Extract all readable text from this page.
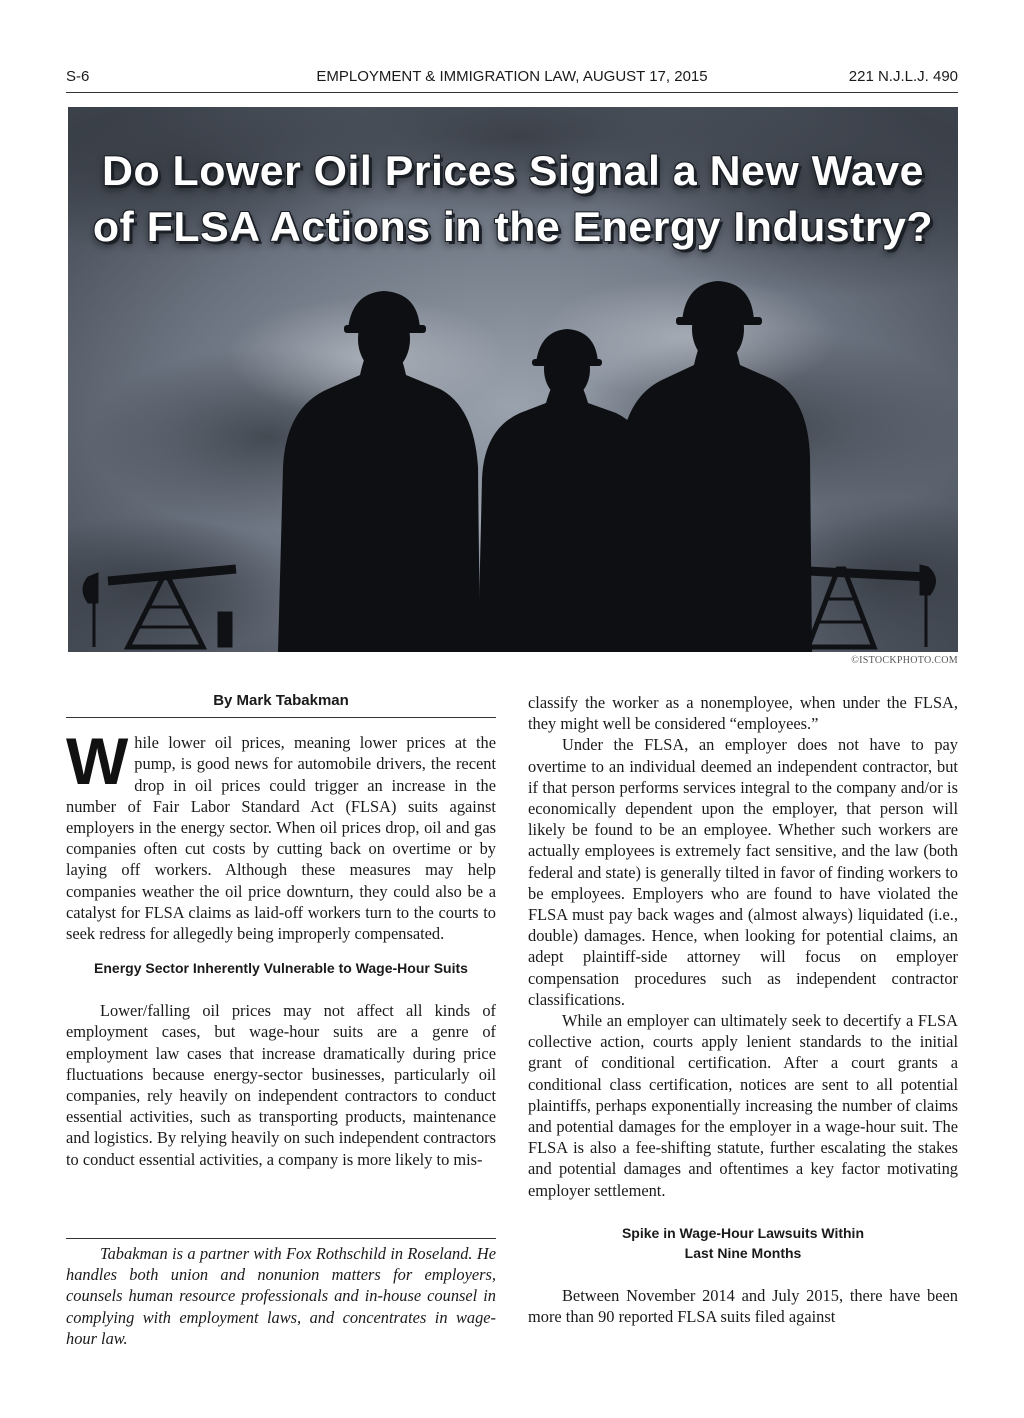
S-6	EMPLOYMENT & IMMIGRATION LAW, AUGUST 17, 2015	221 N.J.L.J. 490
Do Lower Oil Prices Signal a New Wave
of FLSA Actions in the Energy Industry?
©ISTOCKPHOTO.COM
By Mark Tabakman

While lower oil prices, meaning lower prices at the pump, is good news for automobile drivers, the recent drop in oil prices could trigger an increase in the number of Fair Labor Standard Act (FLSA) suits against employers in the energy sector. When oil prices drop, oil and gas companies often cut costs by cutting back on overtime or by laying off workers. Although these measures may help companies weather the oil price downturn, they could also be a catalyst for FLSA claims as laid-off workers turn to the courts to seek redress for allegedly being improperly compensated.

Energy Sector Inherently Vulnerable to Wage-Hour Suits

Lower/falling oil prices may not affect all kinds of employment cases, but wage-hour suits are a genre of employment law cases that increase dramatically during price fluctuations because energy-sector businesses, particularly oil companies, rely heavily on independent contractors to conduct essential activities, such as transporting products, maintenance and logistics. By relying heavily on such independent contractors to conduct essential activities, a company is more likely to mis-

Tabakman is a partner with Fox Rothschild in Roseland. He handles both union and nonunion matters for employers, counsels human resource professionals and in-house counsel in complying with employment laws, and concentrates in wage-hour law.

classify the worker as a nonemployee, when under the FLSA, they might well be considered “employees.”

Under the FLSA, an employer does not have to pay overtime to an individual deemed an independent contractor, but if that person performs services integral to the company and/or is economically dependent upon the employer, that person will likely be found to be an employee. Whether such workers are actually employees is extremely fact sensitive, and the law (both federal and state) is generally tilted in favor of finding workers to be employees. Employers who are found to have violated the FLSA must pay back wages and (almost always) liquidated (i.e., double) damages. Hence, when looking for potential claims, an adept plaintiff-side attorney will focus on employer compensation procedures such as independent contractor classifications.

While an employer can ultimately seek to decertify a FLSA collective action, courts apply lenient standards to the initial grant of conditional certification. After a court grants a conditional class certification, notices are sent to all potential plaintiffs, perhaps exponentially increasing the number of claims and potential damages for the employer in a wage-hour suit. The FLSA is also a fee-shifting statute, further escalating the stakes and potential damages and oftentimes a key factor motivating employer settlement.

Spike in Wage-Hour Lawsuits Within
Last Nine Months

Between November 2014 and July 2015, there have been more than 90 reported FLSA suits filed against
